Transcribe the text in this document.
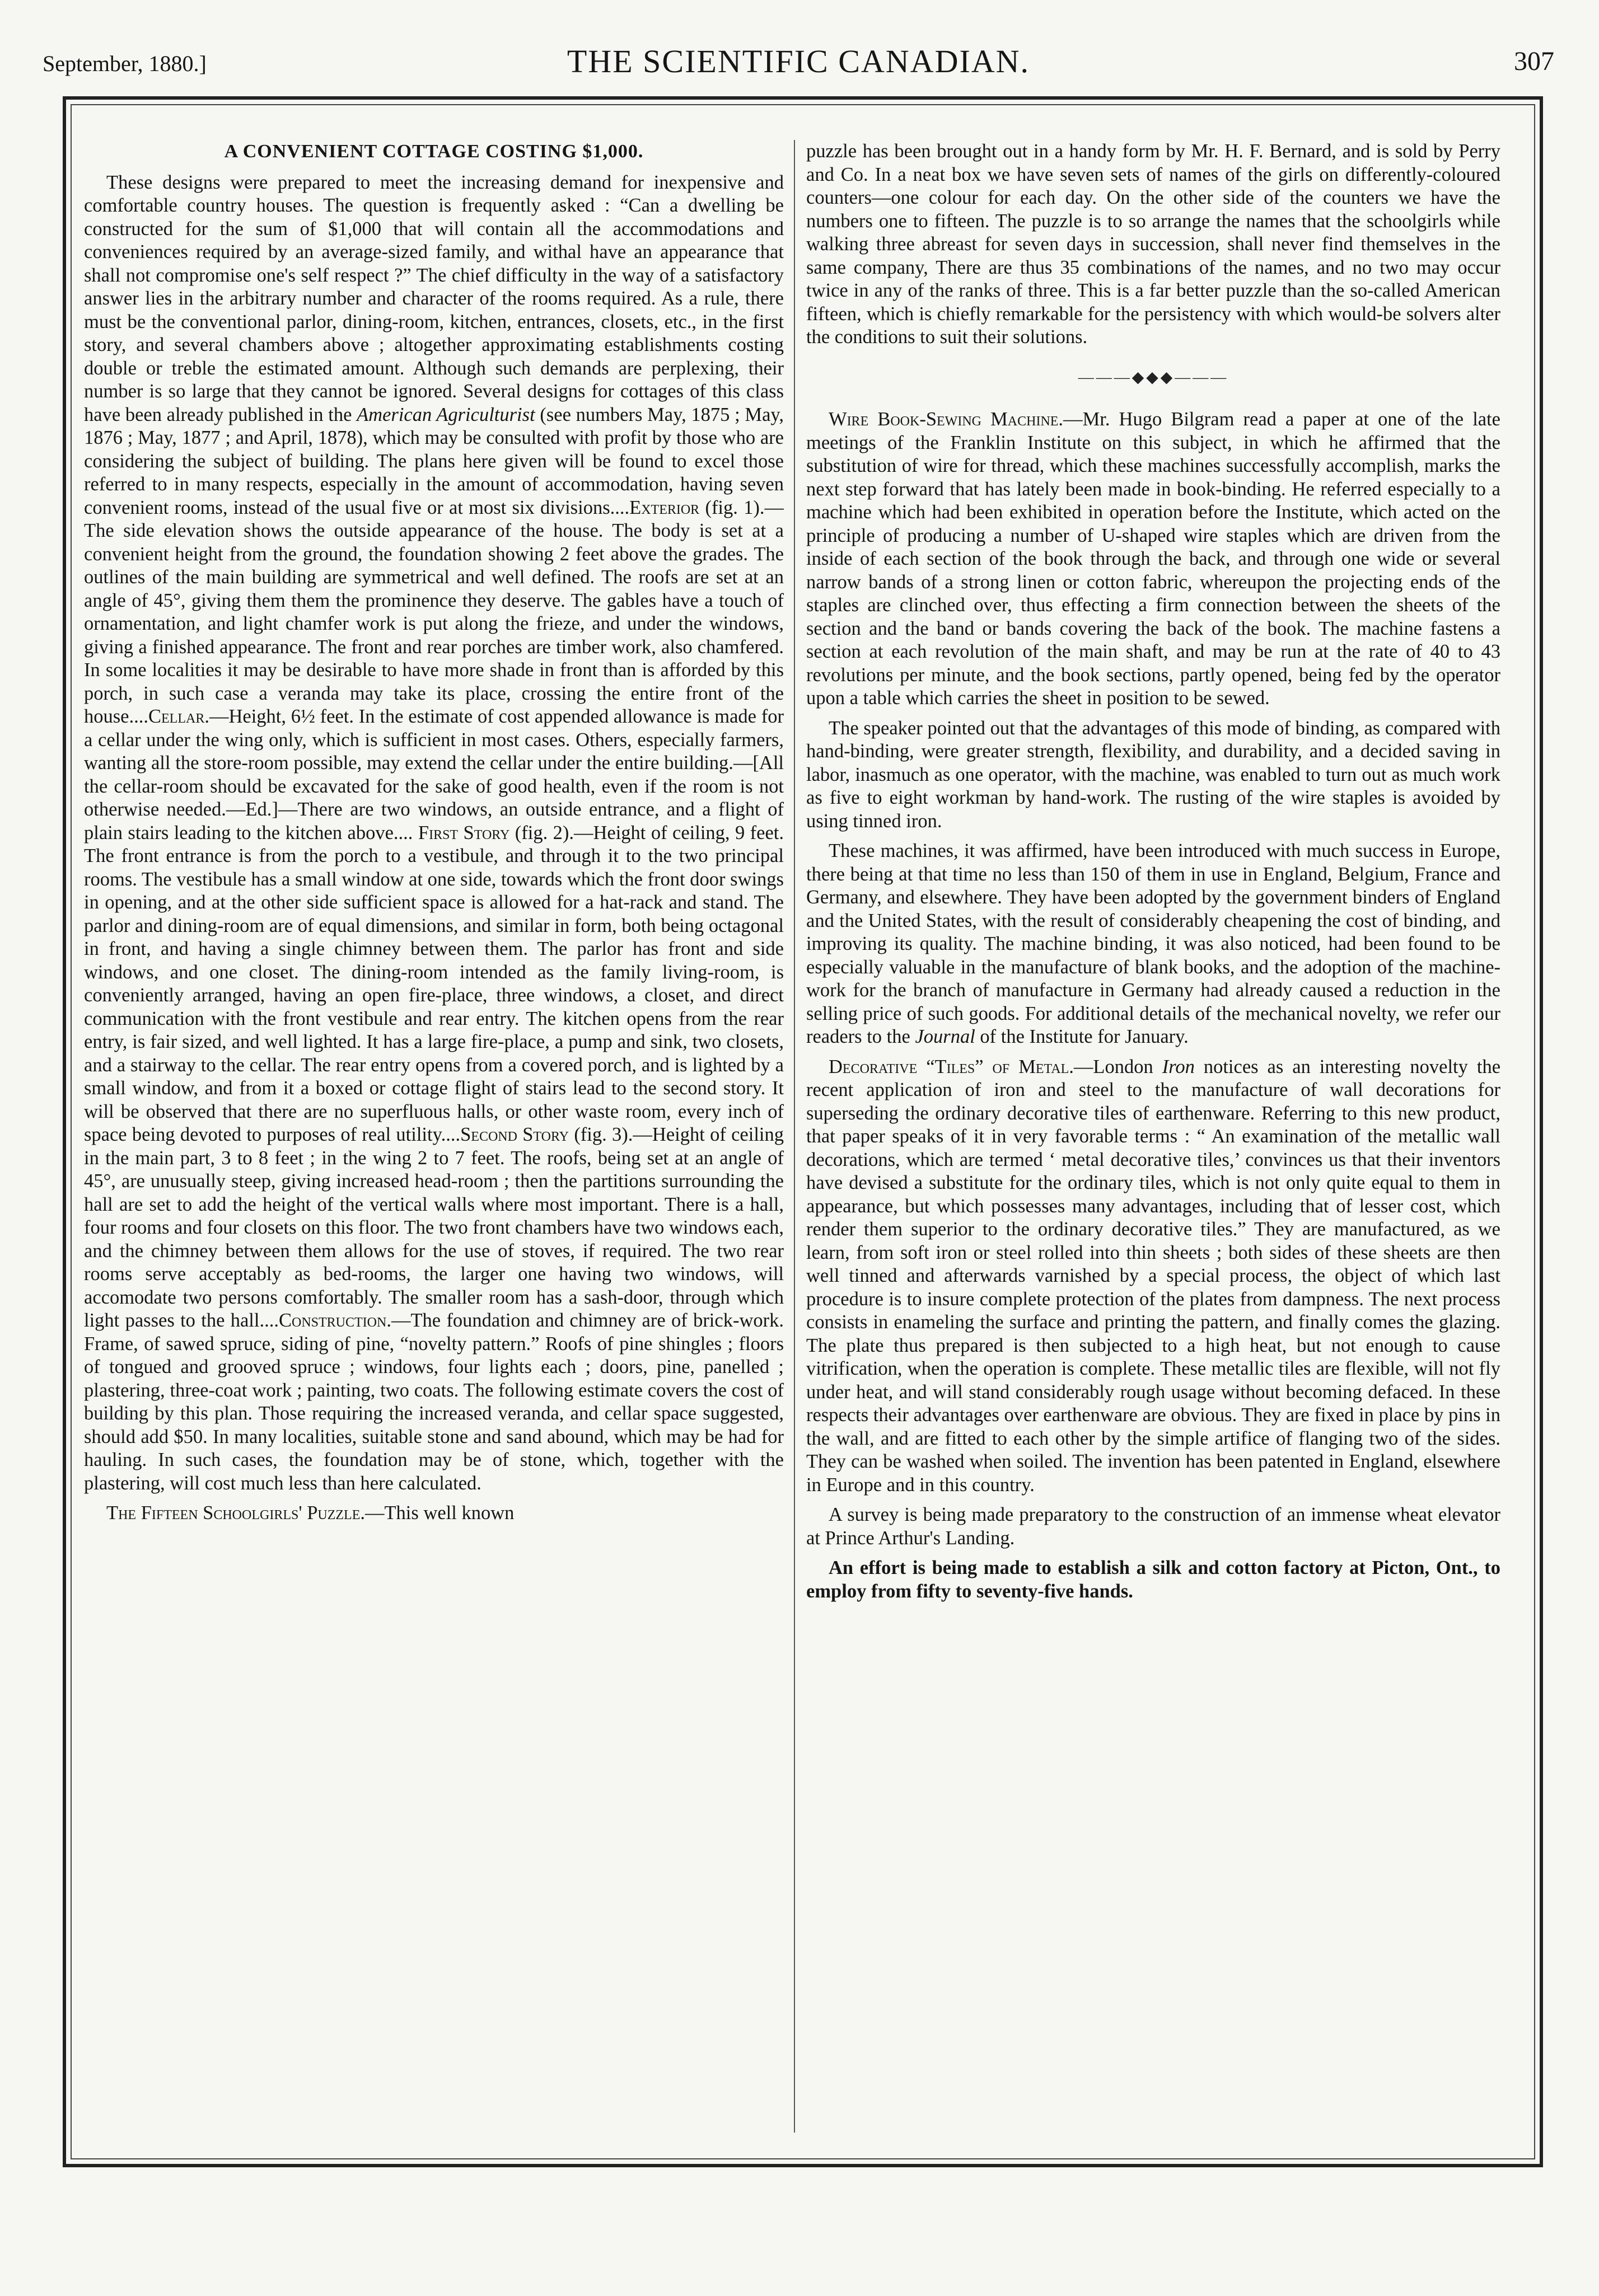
September, 1880.]	THE SCIENTIFIC CANADIAN.	307
A CONVENIENT COTTAGE COSTING $1,000.

These designs were prepared to meet the increasing demand for inexpensive and comfortable country houses. The question is frequently asked : “Can a dwelling be constructed for the sum of $1,000 that will contain all the accommodations and conveniences required by an average-sized family, and withal have an appearance that shall not compromise one's self respect ?” The chief difficulty in the way of a satisfactory answer lies in the arbitrary number and character of the rooms required. As a rule, there must be the conventional parlor, dining-room, kitchen, entrances, closets, etc., in the first story, and several chambers above ; altogether approximating establishments costing double or treble the estimated amount. Although such demands are perplexing, their number is so large that they cannot be ignored. Several designs for cottages of this class have been already published in the American Agriculturist (see numbers May, 1875 ; May, 1876 ; May, 1877 ; and April, 1878), which may be consulted with profit by those who are considering the subject of building. The plans here given will be found to excel those referred to in many respects, especially in the amount of accommodation, having seven convenient rooms, instead of the usual five or at most six divisions....Exterior (fig. 1).—The side elevation shows the outside appearance of the house. The body is set at a convenient height from the ground, the foundation showing 2 feet above the grades. The outlines of the main building are symmetrical and well defined. The roofs are set at an angle of 45°, giving them them the prominence they deserve. The gables have a touch of ornamentation, and light chamfer work is put along the frieze, and under the windows, giving a finished appearance. The front and rear porches are timber work, also chamfered. In some localities it may be desirable to have more shade in front than is afforded by this porch, in such case a veranda may take its place, crossing the entire front of the house....Cellar.—Height, 6½ feet. In the estimate of cost appended allowance is made for a cellar under the wing only, which is sufficient in most cases. Others, especially farmers, wanting all the store-room possible, may extend the cellar under the entire building.—[All the cellar-room should be excavated for the sake of good health, even if the room is not otherwise needed.—Ed.]—There are two windows, an outside entrance, and a flight of plain stairs leading to the kitchen above.... First Story (fig. 2).—Height of ceiling, 9 feet. The front entrance is from the porch to a vestibule, and through it to the two principal rooms. The vestibule has a small window at one side, towards which the front door swings in opening, and at the other side sufficient space is allowed for a hat-rack and stand. The parlor and dining-room are of equal dimensions, and similar in form, both being octagonal in front, and having a single chimney between them. The parlor has front and side windows, and one closet. The dining-room intended as the family living-room, is conveniently arranged, having an open fire-place, three windows, a closet, and direct communication with the front vestibule and rear entry. The kitchen opens from the rear entry, is fair sized, and well lighted. It has a large fire-place, a pump and sink, two closets, and a stairway to the cellar. The rear entry opens from a covered porch, and is lighted by a small window, and from it a boxed or cottage flight of stairs lead to the second story. It will be observed that there are no superfluous halls, or other waste room, every inch of space being devoted to purposes of real utility....Second Story (fig. 3).—Height of ceiling in the main part, 3 to 8 feet ; in the wing 2 to 7 feet. The roofs, being set at an angle of 45°, are unusually steep, giving increased head-room ; then the partitions surrounding the hall are set to add the height of the vertical walls where most important. There is a hall, four rooms and four closets on this floor. The two front chambers have two windows each, and the chimney between them allows for the use of stoves, if required. The two rear rooms serve acceptably as bed-rooms, the larger one having two windows, will accomodate two persons comfortably. The smaller room has a sash-door, through which light passes to the hall....Construction.—The foundation and chimney are of brick-work. Frame, of sawed spruce, siding of pine, “novelty pattern.” Roofs of pine shingles ; floors of tongued and grooved spruce ; windows, four lights each ; doors, pine, panelled ; plastering, three-coat work ; painting, two coats. The following estimate covers the cost of building by this plan. Those requiring the increased veranda, and cellar space suggested, should add $50. In many localities, suitable stone and sand abound, which may be had for hauling. In such cases, the foundation may be of stone, which, together with the plastering, will cost much less than here calculated.

The Fifteen Schoolgirls' Puzzle.—This well known

puzzle has been brought out in a handy form by Mr. H. F. Bernard, and is sold by Perry and Co. In a neat box we have seven sets of names of the girls on differently-coloured counters—one colour for each day. On the other side of the counters we have the numbers one to fifteen. The puzzle is to so arrange the names that the schoolgirls while walking three abreast for seven days in succession, shall never find themselves in the same company, There are thus 35 combinations of the names, and no two may occur twice in any of the ranks of three. This is a far better puzzle than the so-called American fifteen, which is chiefly remarkable for the persistency with which would-be solvers alter the conditions to suit their solutions.

———◆◆◆———

Wire Book-Sewing Machine.—Mr. Hugo Bilgram read a paper at one of the late meetings of the Franklin Institute on this subject, in which he affirmed that the substitution of wire for thread, which these machines successfully accomplish, marks the next step forward that has lately been made in book-binding. He referred especially to a machine which had been exhibited in operation before the Institute, which acted on the principle of producing a number of U-shaped wire staples which are driven from the inside of each section of the book through the back, and through one wide or several narrow bands of a strong linen or cotton fabric, whereupon the projecting ends of the staples are clinched over, thus effecting a firm connection between the sheets of the section and the band or bands covering the back of the book. The machine fastens a section at each revolution of the main shaft, and may be run at the rate of 40 to 43 revolutions per minute, and the book sections, partly opened, being fed by the operator upon a table which carries the sheet in position to be sewed.

The speaker pointed out that the advantages of this mode of binding, as compared with hand-binding, were greater strength, flexibility, and durability, and a decided saving in labor, inasmuch as one operator, with the machine, was enabled to turn out as much work as five to eight workman by hand-work. The rusting of the wire staples is avoided by using tinned iron.

These machines, it was affirmed, have been introduced with much success in Europe, there being at that time no less than 150 of them in use in England, Belgium, France and Germany, and elsewhere. They have been adopted by the government binders of England and the United States, with the result of considerably cheapening the cost of binding, and improving its quality. The machine binding, it was also noticed, had been found to be especially valuable in the manufacture of blank books, and the adoption of the machine-work for the branch of manufacture in Germany had already caused a reduction in the selling price of such goods. For additional details of the mechanical novelty, we refer our readers to the Journal of the Institute for January.

Decorative “Tiles” of Metal.—London Iron notices as an interesting novelty the recent application of iron and steel to the manufacture of wall decorations for superseding the ordinary decorative tiles of earthenware. Referring to this new product, that paper speaks of it in very favorable terms : “ An examination of the metallic wall decorations, which are termed ‘ metal decorative tiles,’ convinces us that their inventors have devised a substitute for the ordinary tiles, which is not only quite equal to them in appearance, but which possesses many advantages, including that of lesser cost, which render them superior to the ordinary decorative tiles.” They are manufactured, as we learn, from soft iron or steel rolled into thin sheets ; both sides of these sheets are then well tinned and afterwards varnished by a special process, the object of which last procedure is to insure complete protection of the plates from dampness. The next process consists in enameling the surface and printing the pattern, and finally comes the glazing. The plate thus prepared is then subjected to a high heat, but not enough to cause vitrification, when the operation is complete. These metallic tiles are flexible, will not fly under heat, and will stand considerably rough usage without becoming defaced. In these respects their advantages over earthenware are obvious. They are fixed in place by pins in the wall, and are fitted to each other by the simple artifice of flanging two of the sides. They can be washed when soiled. The invention has been patented in England, elsewhere in Europe and in this country.

A survey is being made preparatory to the construction of an immense wheat elevator at Prince Arthur's Landing.

An effort is being made to establish a silk and cotton factory at Picton, Ont., to employ from fifty to seventy-five hands.
